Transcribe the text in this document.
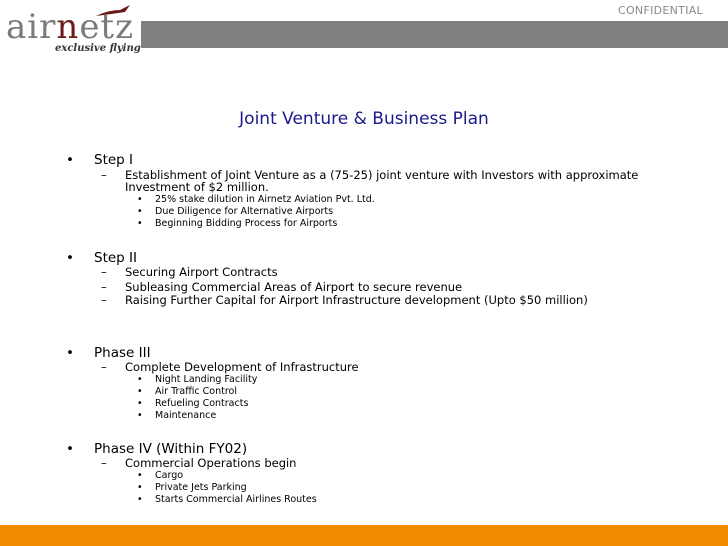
CONFIDENTIAL
airnetz
exclusive flying
Joint Venture & Business Plan
• Step I
– Establishment of Joint Venture as a (75-25) joint venture with Investors with approximate Investment of $2 million.
• 25% stake dilution in Airnetz Aviation Pvt. Ltd.
• Due Diligence for Alternative Airports
• Beginning Bidding Process for Airports
• Step II
– Securing Airport Contracts
– Subleasing Commercial Areas of Airport to secure revenue
– Raising Further Capital for Airport Infrastructure development (Upto $50 million)
• Phase III
– Complete Development of Infrastructure
• Night Landing Facility
• Air Traffic Control
• Refueling Contracts
• Maintenance
• Phase IV (Within FY02)
– Commercial Operations begin
• Cargo
• Private Jets Parking
• Starts Commercial Airlines Routes
